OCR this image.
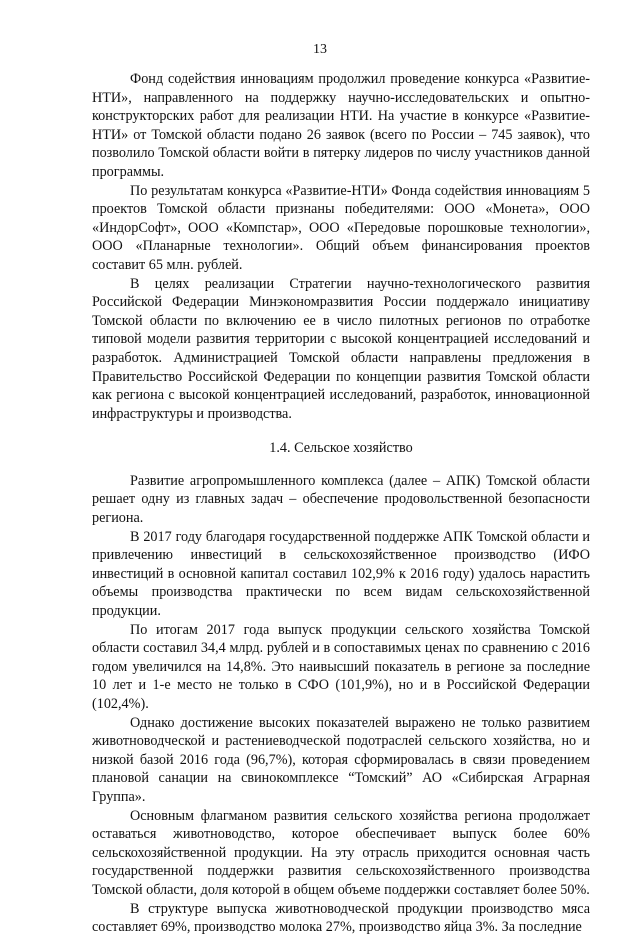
13

Фонд содействия инновациям продолжил проведение конкурса «Развитие-НТИ», направленного на поддержку научно-исследовательских и опытно-конструкторских работ для реализации НТИ. На участие в конкурсе «Развитие-НТИ» от Томской области подано 26 заявок (всего по России – 745 заявок), что позволило Томской области войти в пятерку лидеров по числу участников данной программы.

По результатам конкурса «Развитие-НТИ» Фонда содействия инновациям 5 проектов Томской области признаны победителями: ООО «Монета», ООО «ИндорСофт», ООО «Компстар», ООО «Передовые порошковые технологии», ООО «Планарные технологии». Общий объем финансирования проектов составит 65 млн. рублей.

В целях реализации Стратегии научно-технологического развития Российской Федерации Минэкономразвития России поддержало инициативу Томской области по включению ее в число пилотных регионов по отработке типовой модели развития территории с высокой концентрацией исследований и разработок. Администрацией Томской области направлены предложения в Правительство Российской Федерации по концепции развития Томской области как региона с высокой концентрацией исследований, разработок, инновационной инфраструктуры и производства.

1.4. Сельское хозяйство

Развитие агропромышленного комплекса (далее – АПК) Томской области решает одну из главных задач – обеспечение продовольственной безопасности региона.

В 2017 году благодаря государственной поддержке АПК Томской области и привлечению инвестиций в сельскохозяйственное производство (ИФО инвестиций в основной капитал составил 102,9% к 2016 году) удалось нарастить объемы производства практически по всем видам сельскохозяйственной продукции.

По итогам 2017 года выпуск продукции сельского хозяйства Томской области составил 34,4 млрд. рублей и в сопоставимых ценах по сравнению с 2016 годом увеличился на 14,8%. Это наивысший показатель в регионе за последние 10 лет и 1-е место не только в СФО (101,9%), но и в Российской Федерации (102,4%).

Однако достижение высоких показателей выражено не только развитием животноводческой и растениеводческой подотраслей сельского хозяйства, но и низкой базой 2016 года (96,7%), которая сформировалась в связи проведением плановой санации на свинокомплексе “Томский” АО «Сибирская Аграрная Группа».

Основным флагманом развития сельского хозяйства региона продолжает оставаться животноводство, которое обеспечивает выпуск более 60% сельскохозяйственной продукции. На эту отрасль приходится основная часть государственной поддержки развития сельскохозяйственного производства Томской области, доля которой в общем объеме поддержки составляет более 50%.

В структуре выпуска животноводческой продукции производство мяса составляет 69%, производство молока 27%, производство яйца 3%. За последние
